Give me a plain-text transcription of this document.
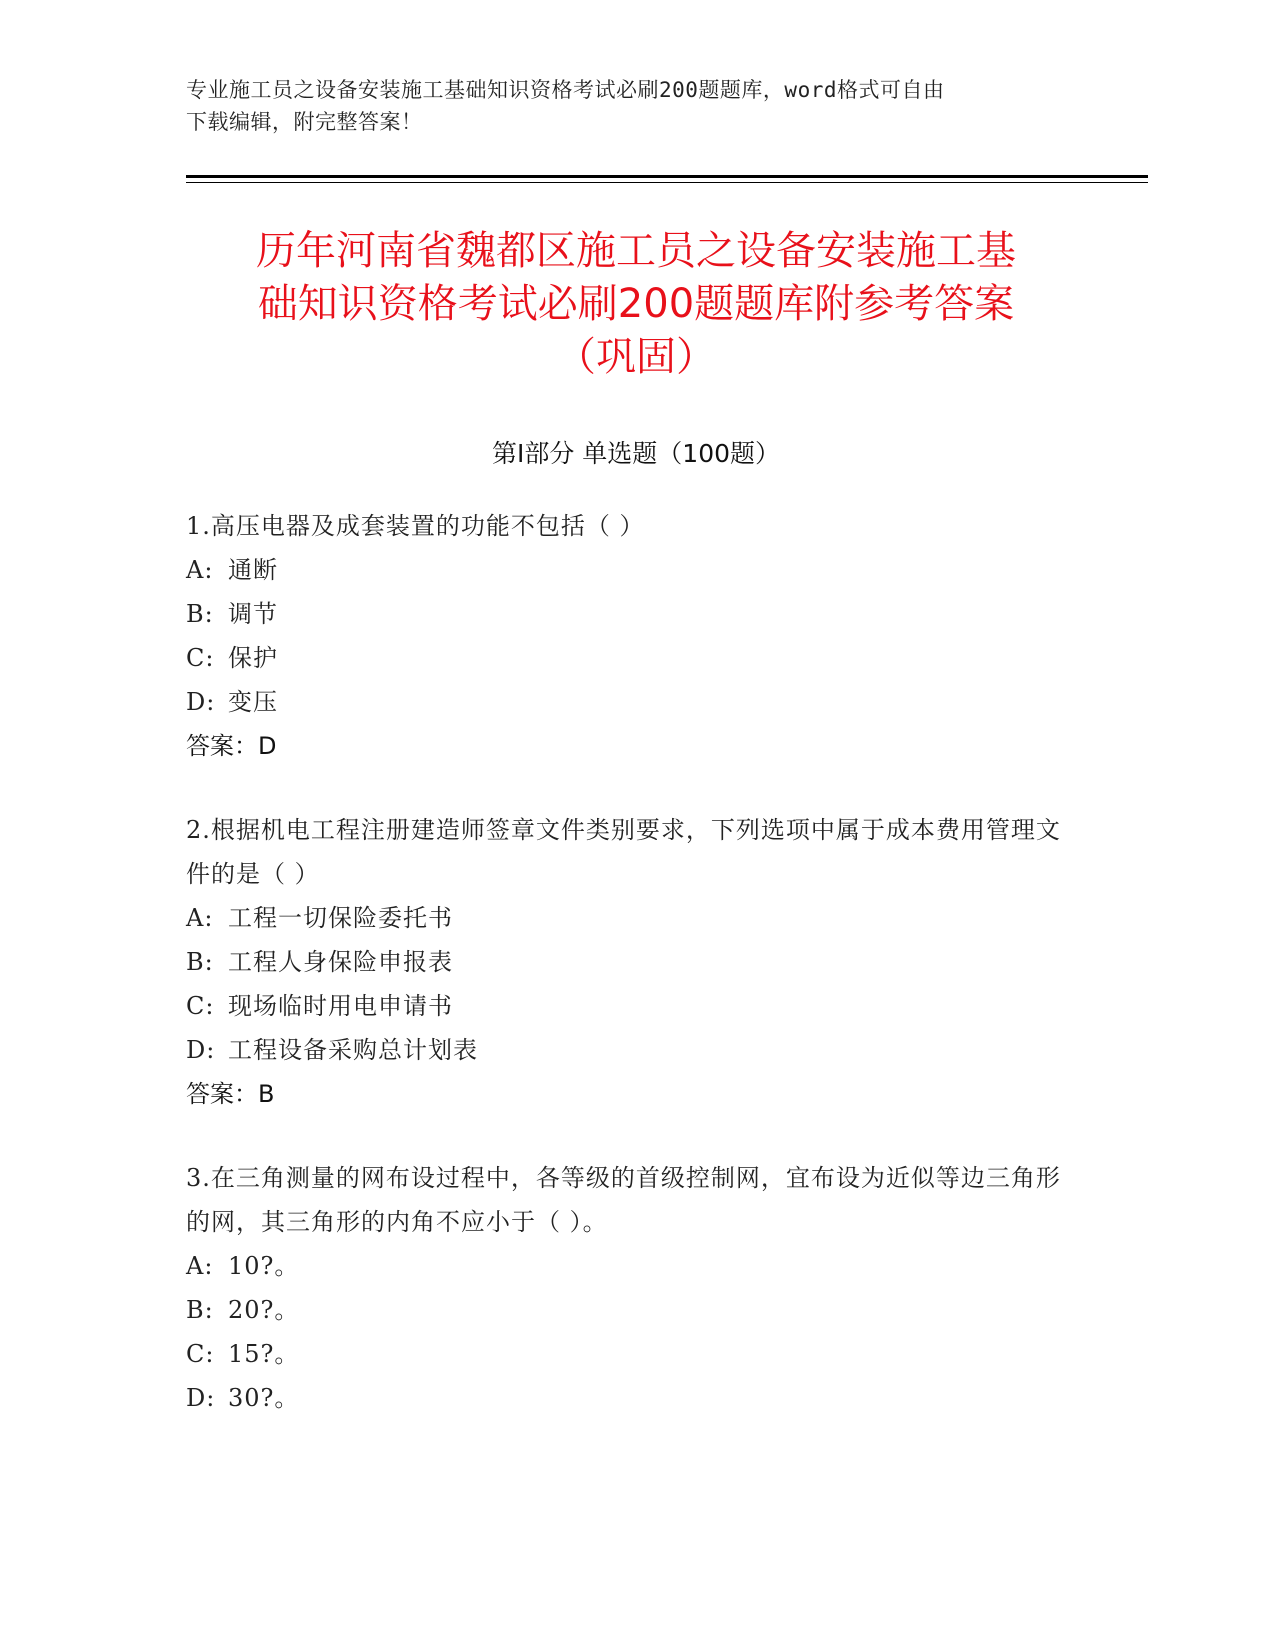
专业施工员之设备安装施工基础知识资格考试必刷200题题库，word格式可自由
下载编辑，附完整答案！
历年河南省魏都区施工员之设备安装施工基
础知识资格考试必刷200题题库附参考答案
（巩固）
第Ⅰ部分 单选题（100题）

1.高压电器及成套装置的功能不包括（ ）

A: 通断

B: 调节

C: 保护

D: 变压

答案：D

2.根据机电工程注册建造师签章文件类别要求，下列选项中属于成本费用管理文件的是（ ）

A: 工程一切保险委托书

B: 工程人身保险申报表

C: 现场临时用电申请书

D: 工程设备采购总计划表

答案：B

3.在三角测量的网布设过程中，各等级的首级控制网，宜布设为近似等边三角形的网，其三角形的内角不应小于（ ）。

A: 10?。

B: 20?。

C: 15?。

D: 30?。
